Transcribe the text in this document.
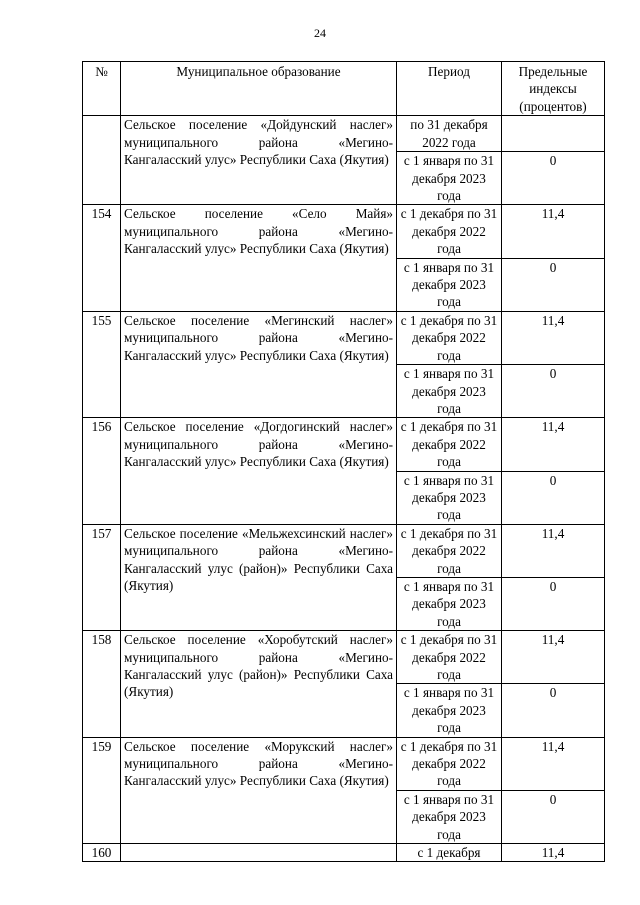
24
№	Муниципальное образование	Период	Предельные индексы (процентов)
	Сельское поселение «Дойдунский наслег» муниципального района «Мегино-Кангаласский улус» Республики Саха (Якутия)	по 31 декабря 2022 года	
		с 1 января по 31 декабря 2023 года	0
154	Сельское поселение «Село Майя» муниципального района «Мегино-Кангаласский улус» Республики Саха (Якутия)	с 1 декабря по 31 декабря 2022 года	11,4
		с 1 января по 31 декабря 2023 года	0
155	Сельское поселение «Мегинский наслег» муниципального района «Мегино-Кангаласский улус» Республики Саха (Якутия)	с 1 декабря по 31 декабря 2022 года	11,4
		с 1 января по 31 декабря 2023 года	0
156	Сельское поселение «Догдогинский наслег» муниципального района «Мегино-Кангаласский улус» Республики Саха (Якутия)	с 1 декабря по 31 декабря 2022 года	11,4
		с 1 января по 31 декабря 2023 года	0
157	Сельское поселение «Мельжехсинский наслег» муниципального района «Мегино-Кангаласский улус (район)» Республики Саха (Якутия)	с 1 декабря по 31 декабря 2022 года	11,4
		с 1 января по 31 декабря 2023 года	0
158	Сельское поселение «Хоробутский наслег» муниципального района «Мегино-Кангаласский улус (район)» Республики Саха (Якутия)	с 1 декабря по 31 декабря 2022 года	11,4
		с 1 января по 31 декабря 2023 года	0
159	Сельское поселение «Морукский наслег» муниципального района «Мегино-Кангаласский улус» Республики Саха (Якутия)	с 1 декабря по 31 декабря 2022 года	11,4
		с 1 января по 31 декабря 2023 года	0
160		с 1 декабря	11,4
